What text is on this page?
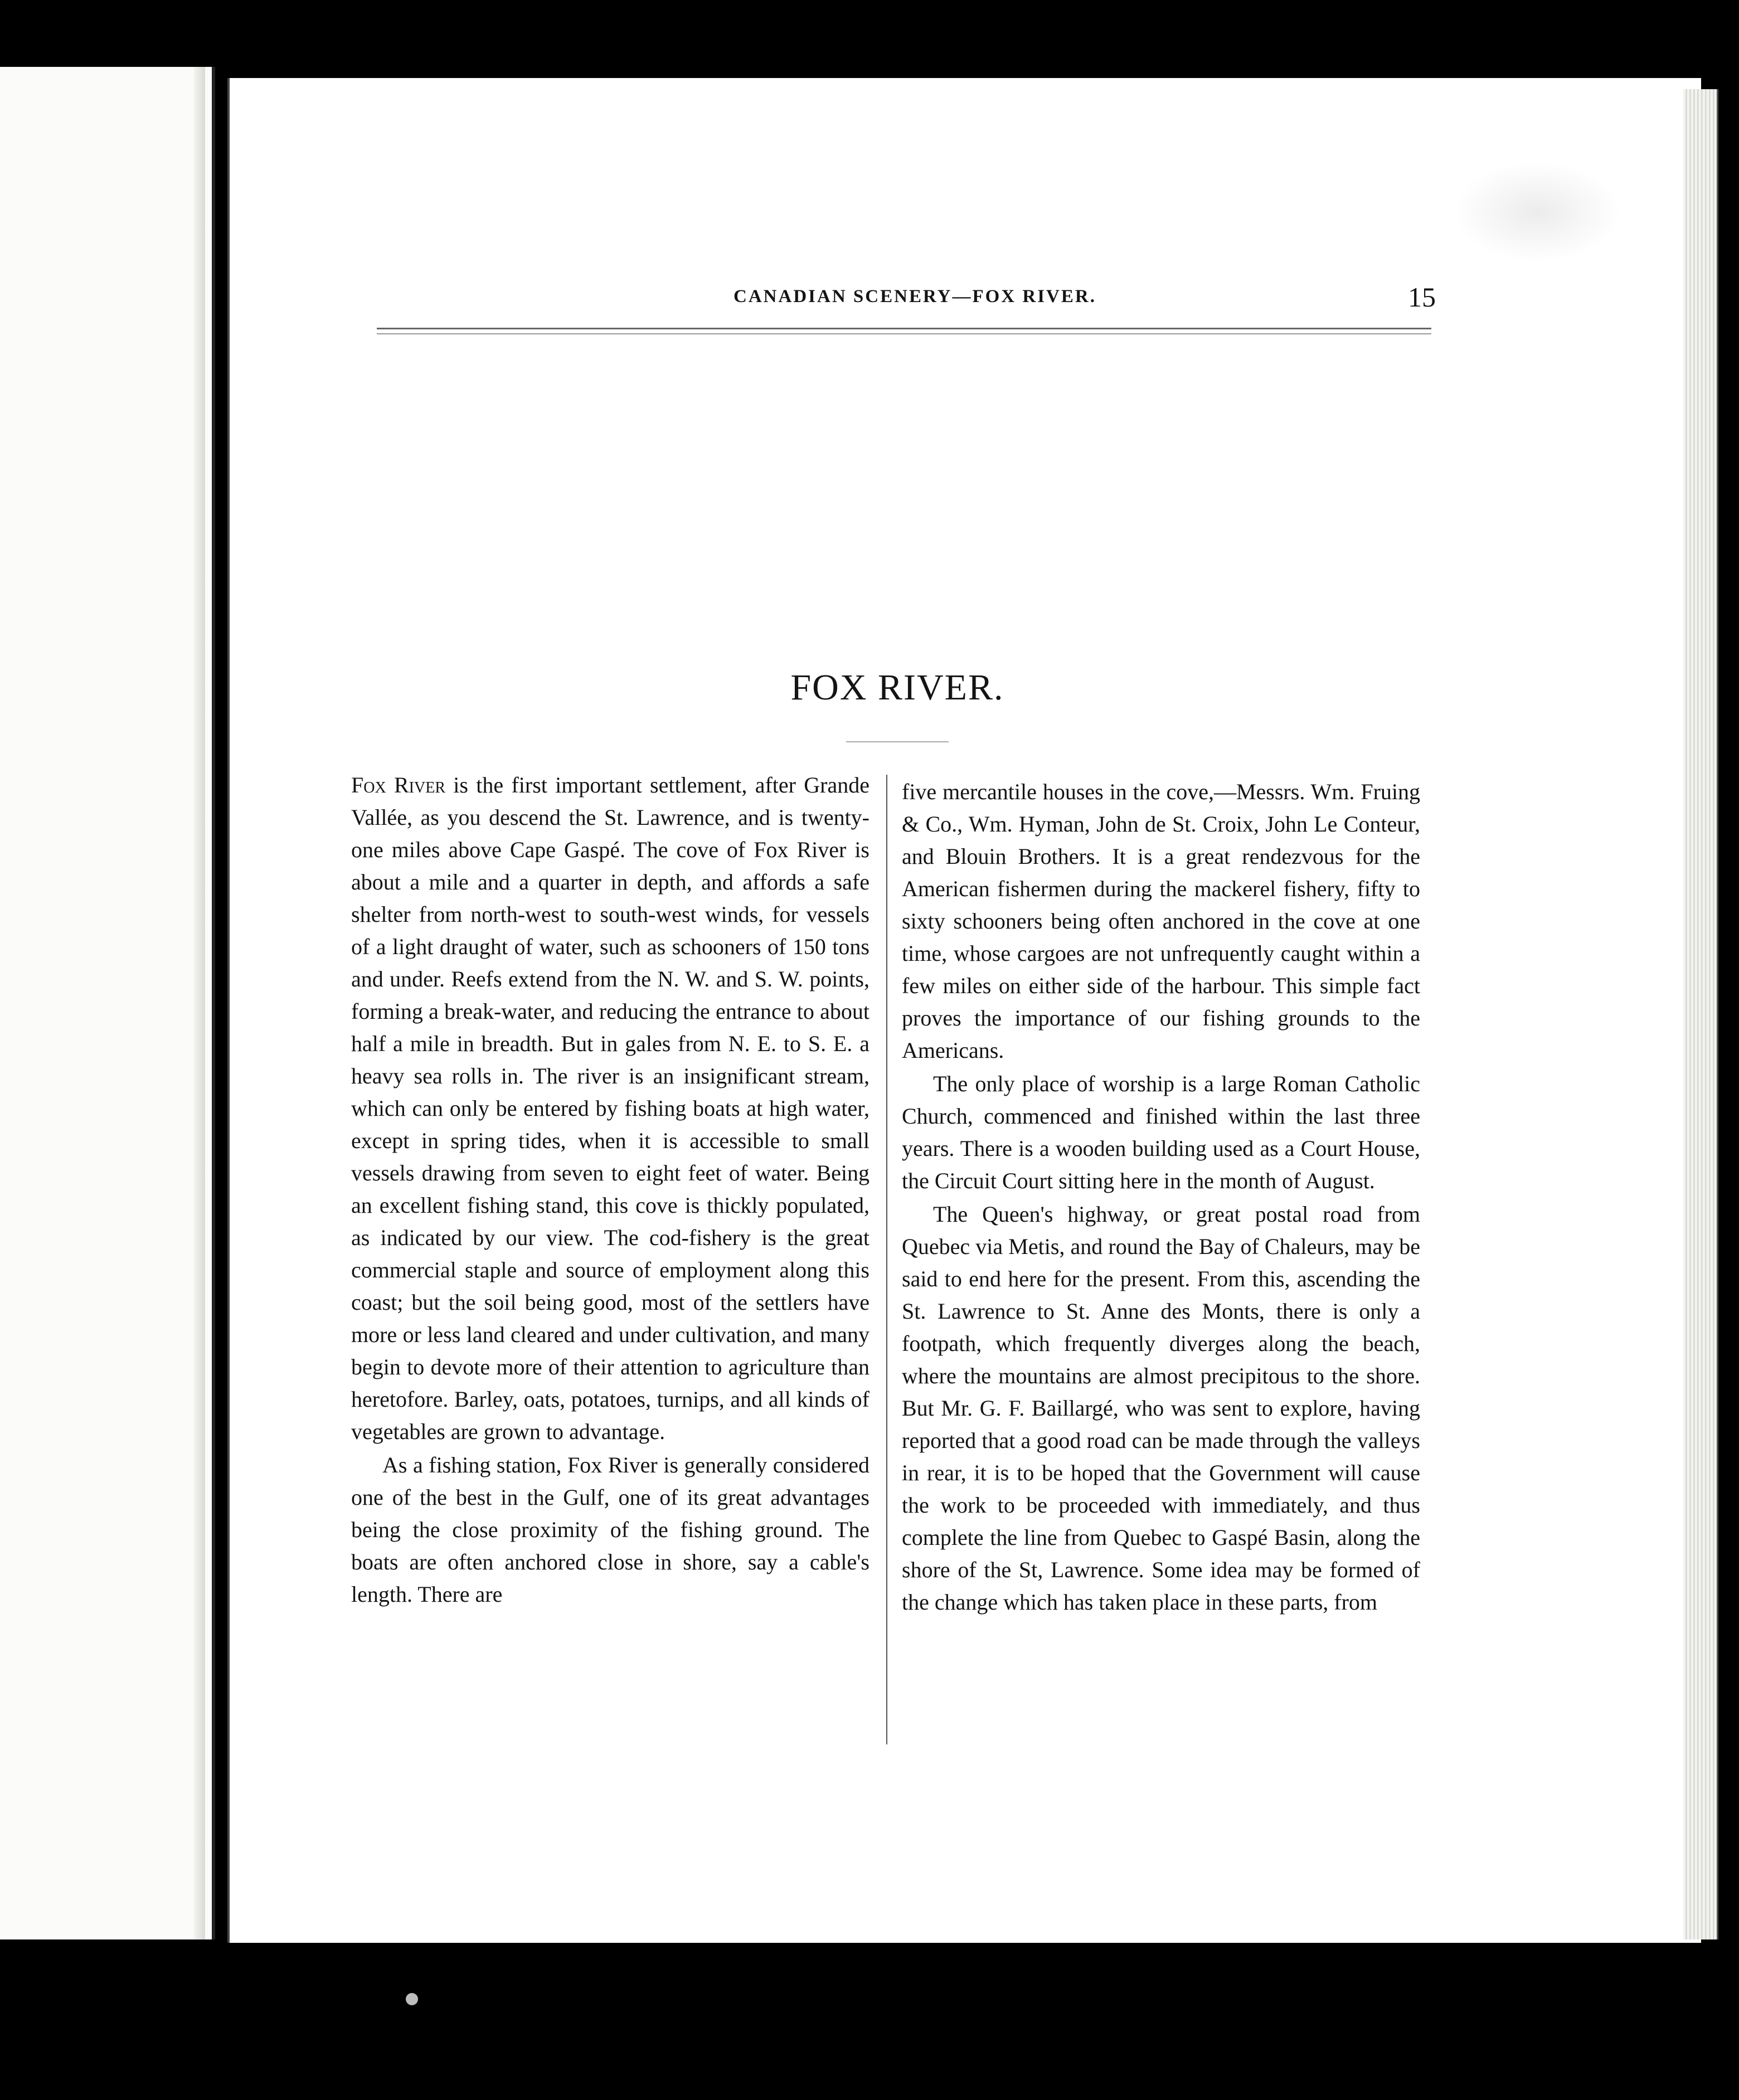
CANADIAN SCENERY—FOX RIVER.	15
FOX RIVER.

Fox River is the first important settlement, after Grande Vallée, as you descend the St. Lawrence, and is twenty-one miles above Cape Gaspé. The cove of Fox River is about a mile and a quarter in depth, and affords a safe shelter from north-west to south-west winds, for vessels of a light draught of water, such as schooners of 150 tons and under. Reefs extend from the N. W. and S. W. points, forming a break-water, and reducing the entrance to about half a mile in breadth. But in gales from N. E. to S. E. a heavy sea rolls in. The river is an insignificant stream, which can only be entered by fishing boats at high water, except in spring tides, when it is accessible to small vessels drawing from seven to eight feet of water. Being an excellent fishing stand, this cove is thickly populated, as indicated by our view. The cod-fishery is the great commercial staple and source of employment along this coast; but the soil being good, most of the settlers have more or less land cleared and under cultivation, and many begin to devote more of their attention to agriculture than heretofore. Barley, oats, potatoes, turnips, and all kinds of vegetables are grown to advantage.

As a fishing station, Fox River is generally considered one of the best in the Gulf, one of its great advantages being the close proximity of the fishing ground. The boats are often anchored close in shore, say a cable's length. There are

five mercantile houses in the cove,—Messrs. Wm. Fruing & Co., Wm. Hyman, John de St. Croix, John Le Conteur, and Blouin Brothers. It is a great rendezvous for the American fishermen during the mackerel fishery, fifty to sixty schooners being often anchored in the cove at one time, whose cargoes are not unfrequently caught within a few miles on either side of the harbour. This simple fact proves the importance of our fishing grounds to the Americans.

The only place of worship is a large Roman Catholic Church, commenced and finished within the last three years. There is a wooden building used as a Court House, the Circuit Court sitting here in the month of August.

The Queen's highway, or great postal road from Quebec via Metis, and round the Bay of Chaleurs, may be said to end here for the present. From this, ascending the St. Lawrence to St. Anne des Monts, there is only a footpath, which frequently diverges along the beach, where the mountains are almost precipitous to the shore. But Mr. G. F. Baillargé, who was sent to explore, having reported that a good road can be made through the valleys in rear, it is to be hoped that the Government will cause the work to be proceeded with immediately, and thus complete the line from Quebec to Gaspé Basin, along the shore of the St, Lawrence. Some idea may be formed of the change which has taken place in these parts, from
